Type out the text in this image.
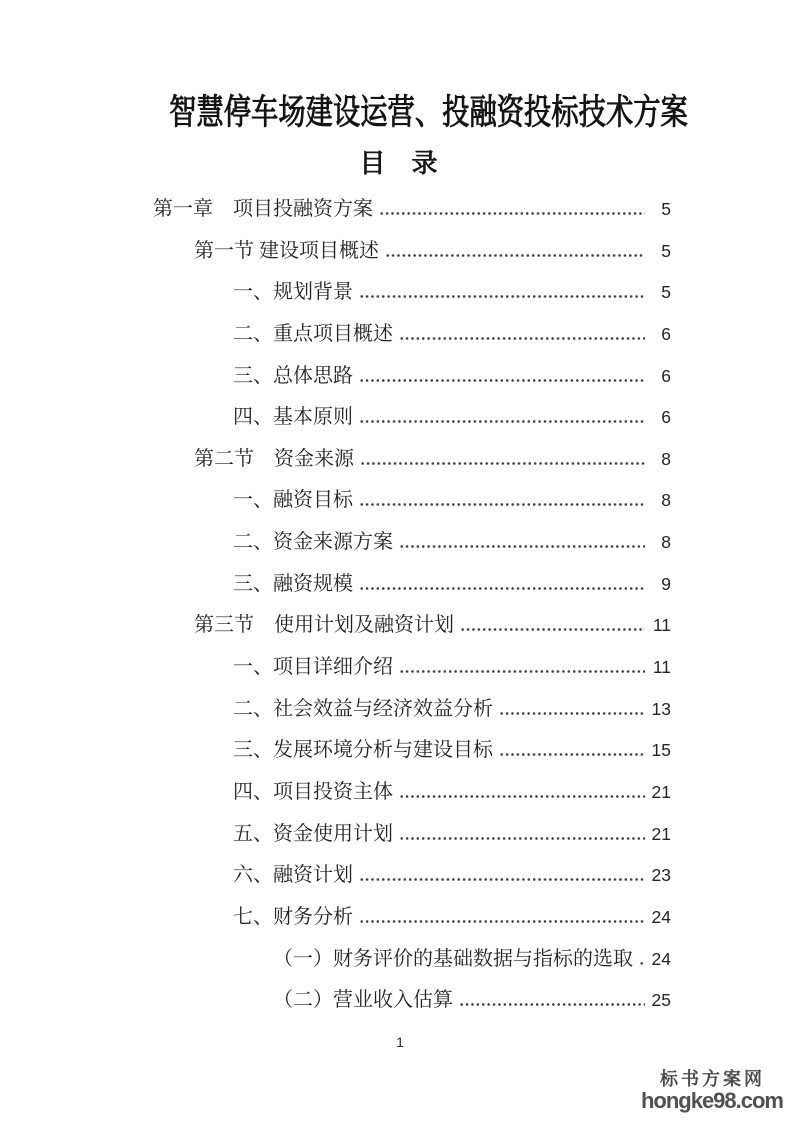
智慧停车场建设运营、投融资投标技术方案
目　录
第一章　项目投融资方案	5
第一节 建设项目概述	5
一、规划背景	5
二、重点项目概述	6
三、总体思路	6
四、基本原则	6
第二节　资金来源	8
一、融资目标	8
二、资金来源方案	8
三、融资规模	9
第三节　使用计划及融资计划	11
一、项目详细介绍	11
二、社会效益与经济效益分析	13
三、发展环境分析与建设目标	15
四、项目投资主体	21
五、资金使用计划	21
六、融资计划	23
七、财务分析	24
（一）财务评价的基础数据与指标的选取 24
（二）营业收入估算	25
1
标书方案网
hongke98.com
